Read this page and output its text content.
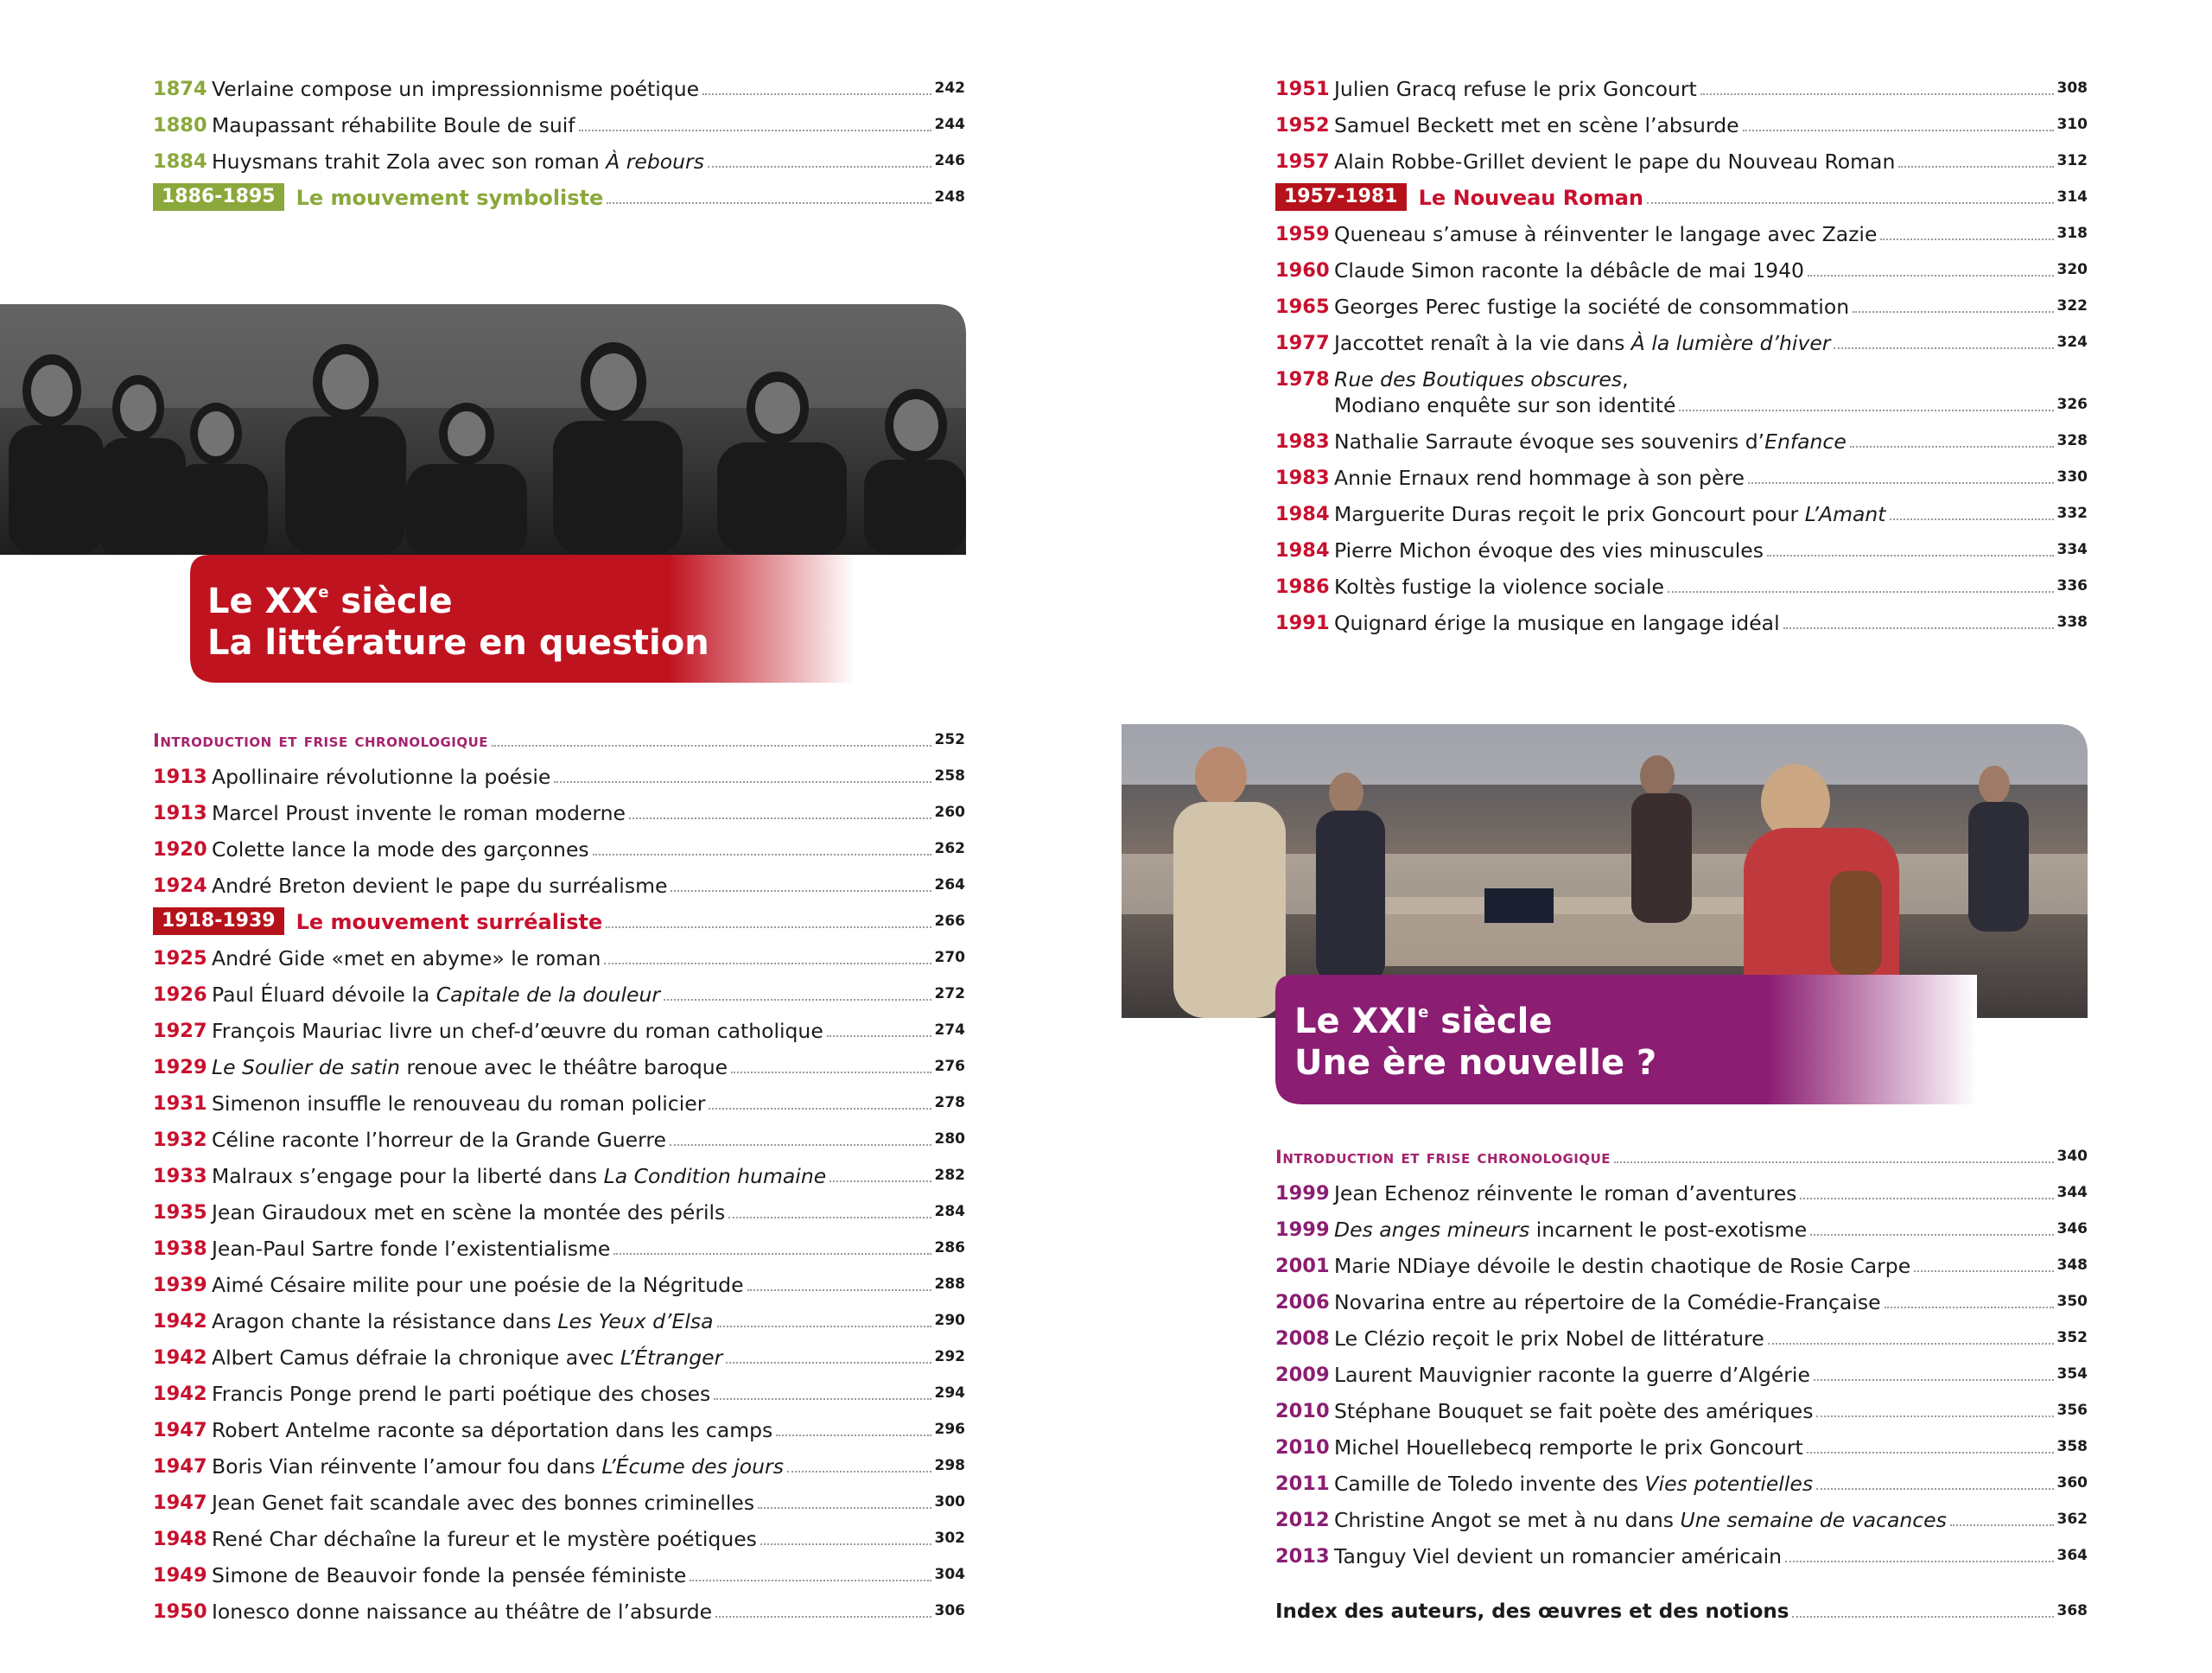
1874 Verlaine compose un impressionnisme poétique	242
1880 Maupassant réhabilite Boule de suif	244
1884 Huysmans trahit Zola avec son roman À rebours	246
1886-1895	Le mouvement symboliste	248
Le XXe siècle
La littérature en question
Introduction et frise chronologique	252
1913 Apollinaire révolutionne la poésie	258
1913 Marcel Proust invente le roman moderne	260
1920 Colette lance la mode des garçonnes	262
1924 André Breton devient le pape du surréalisme	264
1918-1939	Le mouvement surréaliste	266
1925 André Gide «met en abyme» le roman	270
1926 Paul Éluard dévoile la Capitale de la douleur	272
1927 François Mauriac livre un chef-d’œuvre du roman catholique	274
1929 Le Soulier de satin renoue avec le théâtre baroque	276
1931 Simenon insuffle le renouveau du roman policier	278
1932 Céline raconte l’horreur de la Grande Guerre	280
1933 Malraux s’engage pour la liberté dans La Condition humaine	282
1935 Jean Giraudoux met en scène la montée des périls	284
1938 Jean-Paul Sartre fonde l’existentialisme	286
1939 Aimé Césaire milite pour une poésie de la Négritude	288
1942 Aragon chante la résistance dans Les Yeux d’Elsa	290
1942 Albert Camus défraie la chronique avec L’Étranger	292
1942 Francis Ponge prend le parti poétique des choses	294
1947 Robert Antelme raconte sa déportation dans les camps	296
1947 Boris Vian réinvente l’amour fou dans L’Écume des jours	298
1947 Jean Genet fait scandale avec des bonnes criminelles	300
1948 René Char déchaîne la fureur et le mystère poétiques	302
1949 Simone de Beauvoir fonde la pensée féministe	304
1950 Ionesco donne naissance au théâtre de l’absurde	306
1951 Julien Gracq refuse le prix Goncourt	308
1952 Samuel Beckett met en scène l’absurde	310
1957 Alain Robbe-Grillet devient le pape du Nouveau Roman	312
1957-1981	Le Nouveau Roman	314
1959 Queneau s’amuse à réinventer le langage avec Zazie	318
1960 Claude Simon raconte la débâcle de mai 1940	320
1965 Georges Perec fustige la société de consommation	322
1977 Jaccottet renaît à la vie dans À la lumière d’hiver	324
1978 Rue des Boutiques obscures,
Modiano enquête sur son identité	326
1983 Nathalie Sarraute évoque ses souvenirs d’Enfance	328
1983 Annie Ernaux rend hommage à son père	330
1984 Marguerite Duras reçoit le prix Goncourt pour L’Amant	332
1984 Pierre Michon évoque des vies minuscules	334
1986 Koltès fustige la violence sociale	336
1991 Quignard érige la musique en langage idéal	338
Le XXIe siècle
Une ère nouvelle ?
Introduction et frise chronologique	340
1999 Jean Echenoz réinvente le roman d’aventures	344
1999 Des anges mineurs incarnent le post-exotisme	346
2001 Marie NDiaye dévoile le destin chaotique de Rosie Carpe	348
2006 Novarina entre au répertoire de la Comédie-Française	350
2008 Le Clézio reçoit le prix Nobel de littérature	352
2009 Laurent Mauvignier raconte la guerre d’Algérie	354
2010 Stéphane Bouquet se fait poète des amériques	356
2010 Michel Houellebecq remporte le prix Goncourt	358
2011 Camille de Toledo invente des Vies potentielles	360
2012 Christine Angot se met à nu dans Une semaine de vacances	362
2013 Tanguy Viel devient un romancier américain	364
Index des auteurs, des œuvres et des notions	368
